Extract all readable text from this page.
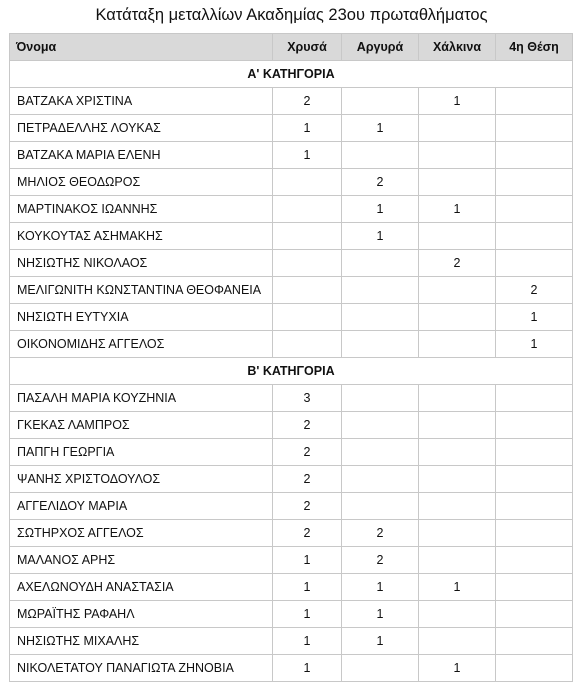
Κατάταξη μεταλλίων Ακαδημίας 23ου πρωταθλήματος
Όνομα	Χρυσά	Αργυρά	Χάλκινα	4η Θέση
Α' ΚΑΤΗΓΟΡΙΑ				
ΒΑΤΖΑΚΑ ΧΡΙΣΤΙΝΑ	2		1	
ΠΕΤΡΑΔΕΛΛΗΣ ΛΟΥΚΑΣ	1	1		
ΒΑΤΖΑΚΑ ΜΑΡΙΑ ΕΛΕΝΗ	1			
ΜΗΛΙΟΣ ΘΕΟΔΩΡΟΣ		2		
ΜΑΡΤΙΝΑΚΟΣ ΙΩΑΝΝΗΣ		1	1	
ΚΟΥΚΟΥΤΑΣ ΑΣΗΜΑΚΗΣ		1		
ΝΗΣΙΩΤΗΣ ΝΙΚΟΛΑΟΣ			2	
ΜΕΛΙΓΩΝΙΤΗ ΚΩΝΣΤΑΝΤΙΝΑ ΘΕΟΦΑΝΕΙΑ				2
ΝΗΣΙΩΤΗ ΕΥΤΥΧΙΑ				1
ΟΙΚΟΝΟΜΙΔΗΣ ΑΓΓΕΛΟΣ				1
Β' ΚΑΤΗΓΟΡΙΑ				
ΠΑΣΑΛΗ ΜΑΡΙΑ ΚΟΥΖΗΝΙΑ	3			
ΓΚΕΚΑΣ ΛΑΜΠΡΟΣ	2			
ΠΑΠΓΗ ΓΕΩΡΓΙΑ	2			
ΨΑΝΗΣ ΧΡΙΣΤΟΔΟΥΛΟΣ	2			
ΑΓΓΕΛΙΔΟΥ ΜΑΡΙΑ	2			
ΣΩΤΗΡΧΟΣ ΑΓΓΕΛΟΣ	2	2		
ΜΑΛΑΝΟΣ ΑΡΗΣ	1	2		
ΑΧΕΛΩΝΟΥΔΗ ΑΝΑΣΤΑΣΙΑ	1	1	1	
ΜΩΡΑΪΤΗΣ ΡΑΦΑΗΛ	1	1		
ΝΗΣΙΩΤΗΣ ΜΙΧΑΛΗΣ	1	1		
ΝΙΚΟΛΕΤΑΤΟΥ ΠΑΝΑΓΙΩΤΑ ΖΗΝΟΒΙΑ	1		1	
